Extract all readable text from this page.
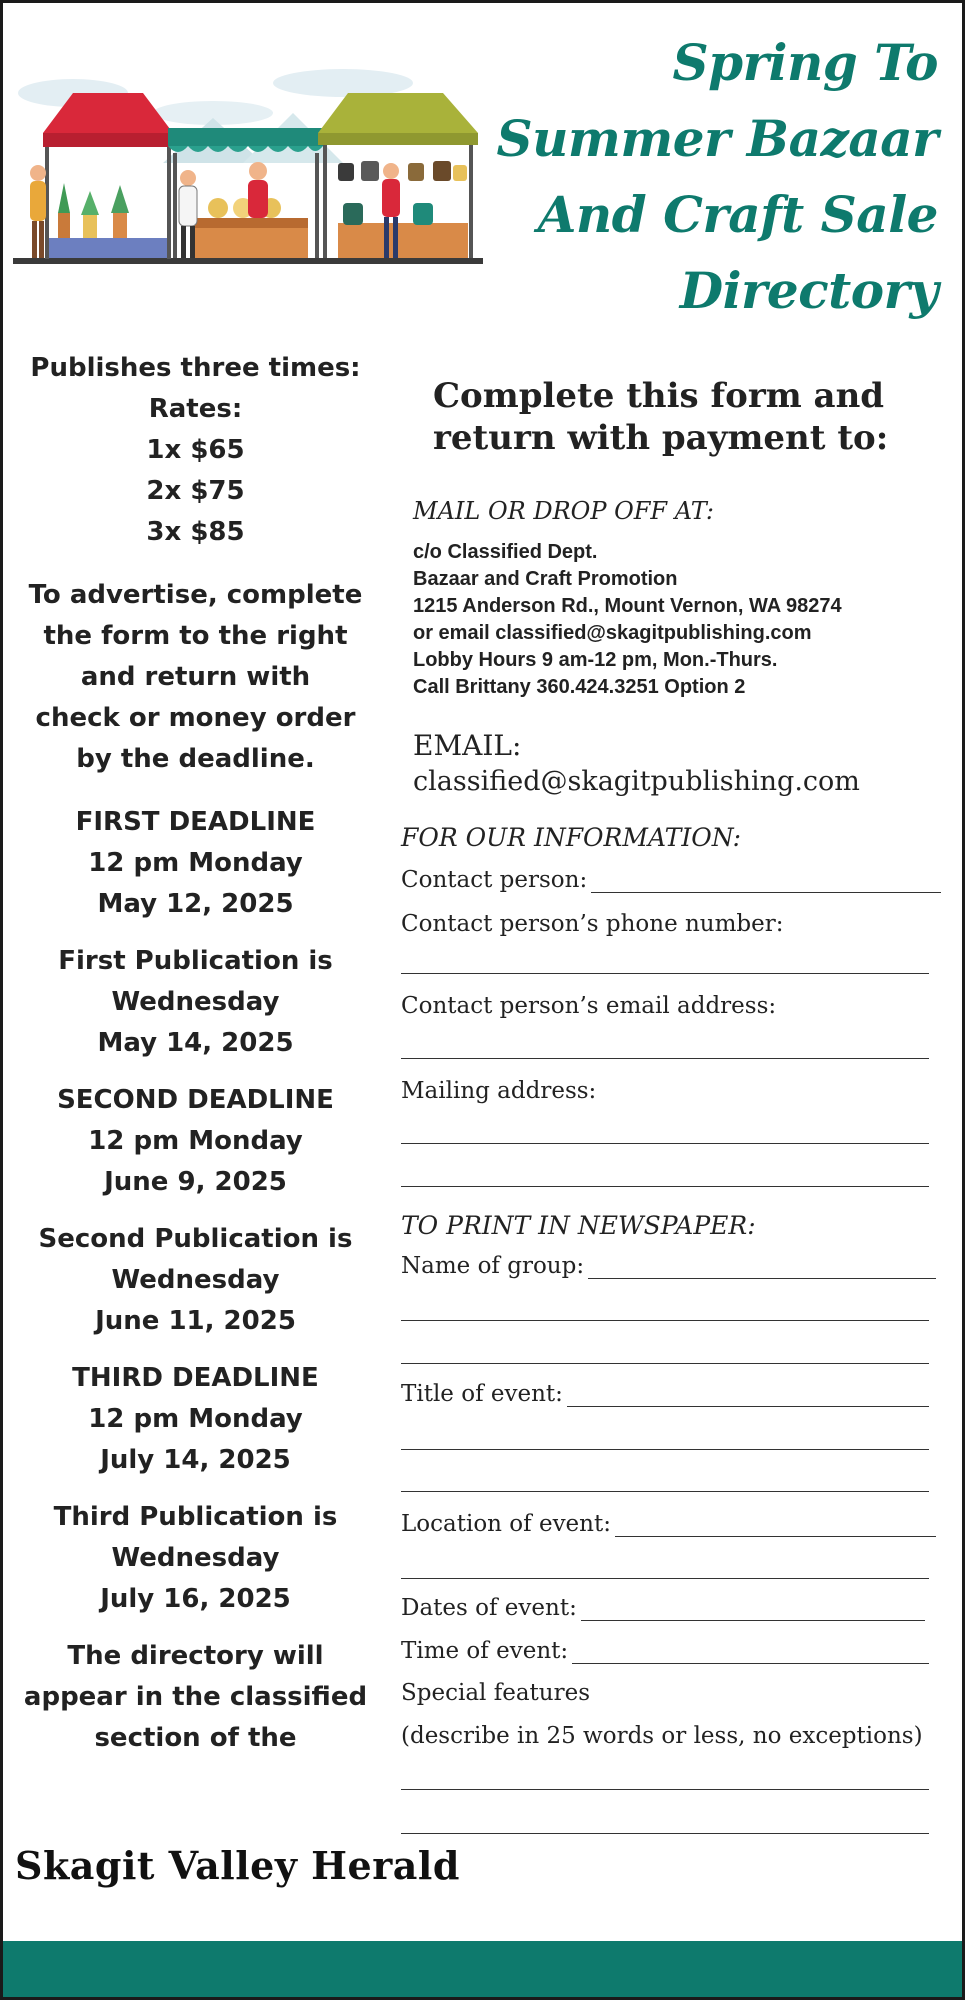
Spring To
Summer Bazaar
And Craft Sale
Directory
Publishes three times:
Rates:
1x $65
2x $75
3x $85
To advertise, complete
the form to the right
and return with
check or money order
by the deadline.
FIRST DEADLINE
12 pm Monday
May 12, 2025
First Publication is
Wednesday
May 14, 2025
SECOND DEADLINE
12 pm Monday
June 9, 2025
Second Publication is
Wednesday
June 11, 2025
THIRD DEADLINE
12 pm Monday
July 14, 2025
Third Publication is
Wednesday
July 16, 2025
The directory will
appear in the classified
section of the
Skagit Valley Herald
Complete this form and
return with payment to:
MAIL OR DROP OFF AT:
c/o Classified Dept.
Bazaar and Craft Promotion
1215 Anderson Rd., Mount Vernon, WA 98274
or email classified@skagitpublishing.com
Lobby Hours 9 am-12 pm, Mon.-Thurs.
Call Brittany 360.424.3251 Option 2
EMAIL:
classified@skagitpublishing.com
FOR OUR INFORMATION:
Contact person:
Contact person’s phone number:
Contact person’s email address:
Mailing address:
TO PRINT IN NEWSPAPER:
Name of group:
Title of event:
Location of event:
Dates of event:
Time of event:
Special features
(describe in 25 words or less, no exceptions)
